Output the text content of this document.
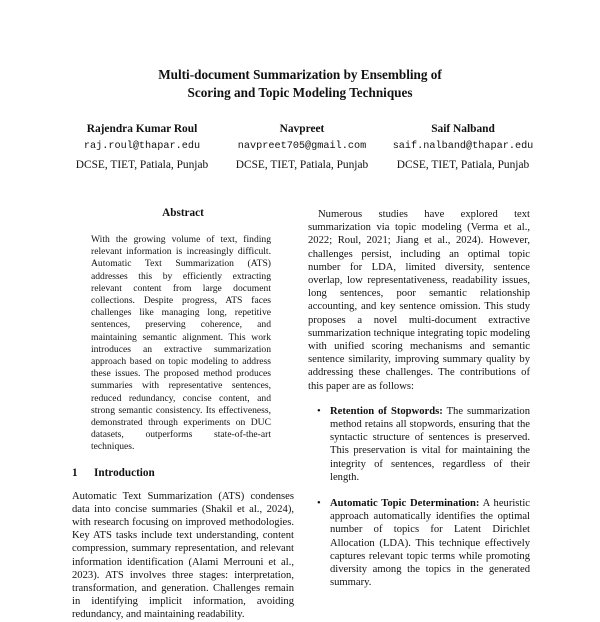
Multi-document Summarization by Ensembling of
Scoring and Topic Modeling Techniques
Rajendra Kumar Roul
raj.roul@thapar.edu
DCSE, TIET, Patiala, Punjab
Navpreet
navpreet705@gmail.com
DCSE, TIET, Patiala, Punjab
Saif Nalband
saif.nalband@thapar.edu
DCSE, TIET, Patiala, Punjab
Abstract
With the growing volume of text, finding relevant information is increasingly difficult. Automatic Text Summarization (ATS) addresses this by efficiently extracting relevant content from large document collections. Despite progress, ATS faces challenges like managing long, repetitive sentences, preserving coherence, and maintaining semantic alignment. This work introduces an extractive summarization approach based on topic modeling to address these issues. The proposed method produces summaries with representative sentences, reduced redundancy, concise content, and strong semantic consistency. Its effectiveness, demonstrated through experiments on DUC datasets, outperforms state-of-the-art techniques.
1 Introduction
Automatic Text Summarization (ATS) condenses data into concise summaries (Shakil et al., 2024), with research focusing on improved methodologies. Key ATS tasks include text understanding, content compression, summary representation, and relevant information identification (Alami Merrouni et al., 2023). ATS involves three stages: interpretation, transformation, and generation. Challenges remain in identifying implicit information, avoiding redundancy, and maintaining readability.

Numerous studies have explored text summarization via topic modeling (Verma et al., 2022; Roul, 2021; Jiang et al., 2024). However, challenges persist, including an optimal topic number for LDA, limited diversity, sentence overlap, low representativeness, readability issues, long sentences, poor semantic relationship accounting, and key sentence omission. This study proposes a novel multi-document extractive summarization technique integrating topic modeling with unified scoring mechanisms and semantic sentence similarity, improving summary quality by addressing these challenges. The contributions of this paper are as follows:

• Retention of Stopwords: The summarization method retains all stopwords, ensuring that the syntactic structure of sentences is preserved. This preservation is vital for maintaining the integrity of sentences, regardless of their length.
• Automatic Topic Determination: A heuristic approach automatically identifies the optimal number of topics for Latent Dirichlet Allocation (LDA). This technique effectively captures relevant topic terms while promoting diversity among the topics in the generated summary.
